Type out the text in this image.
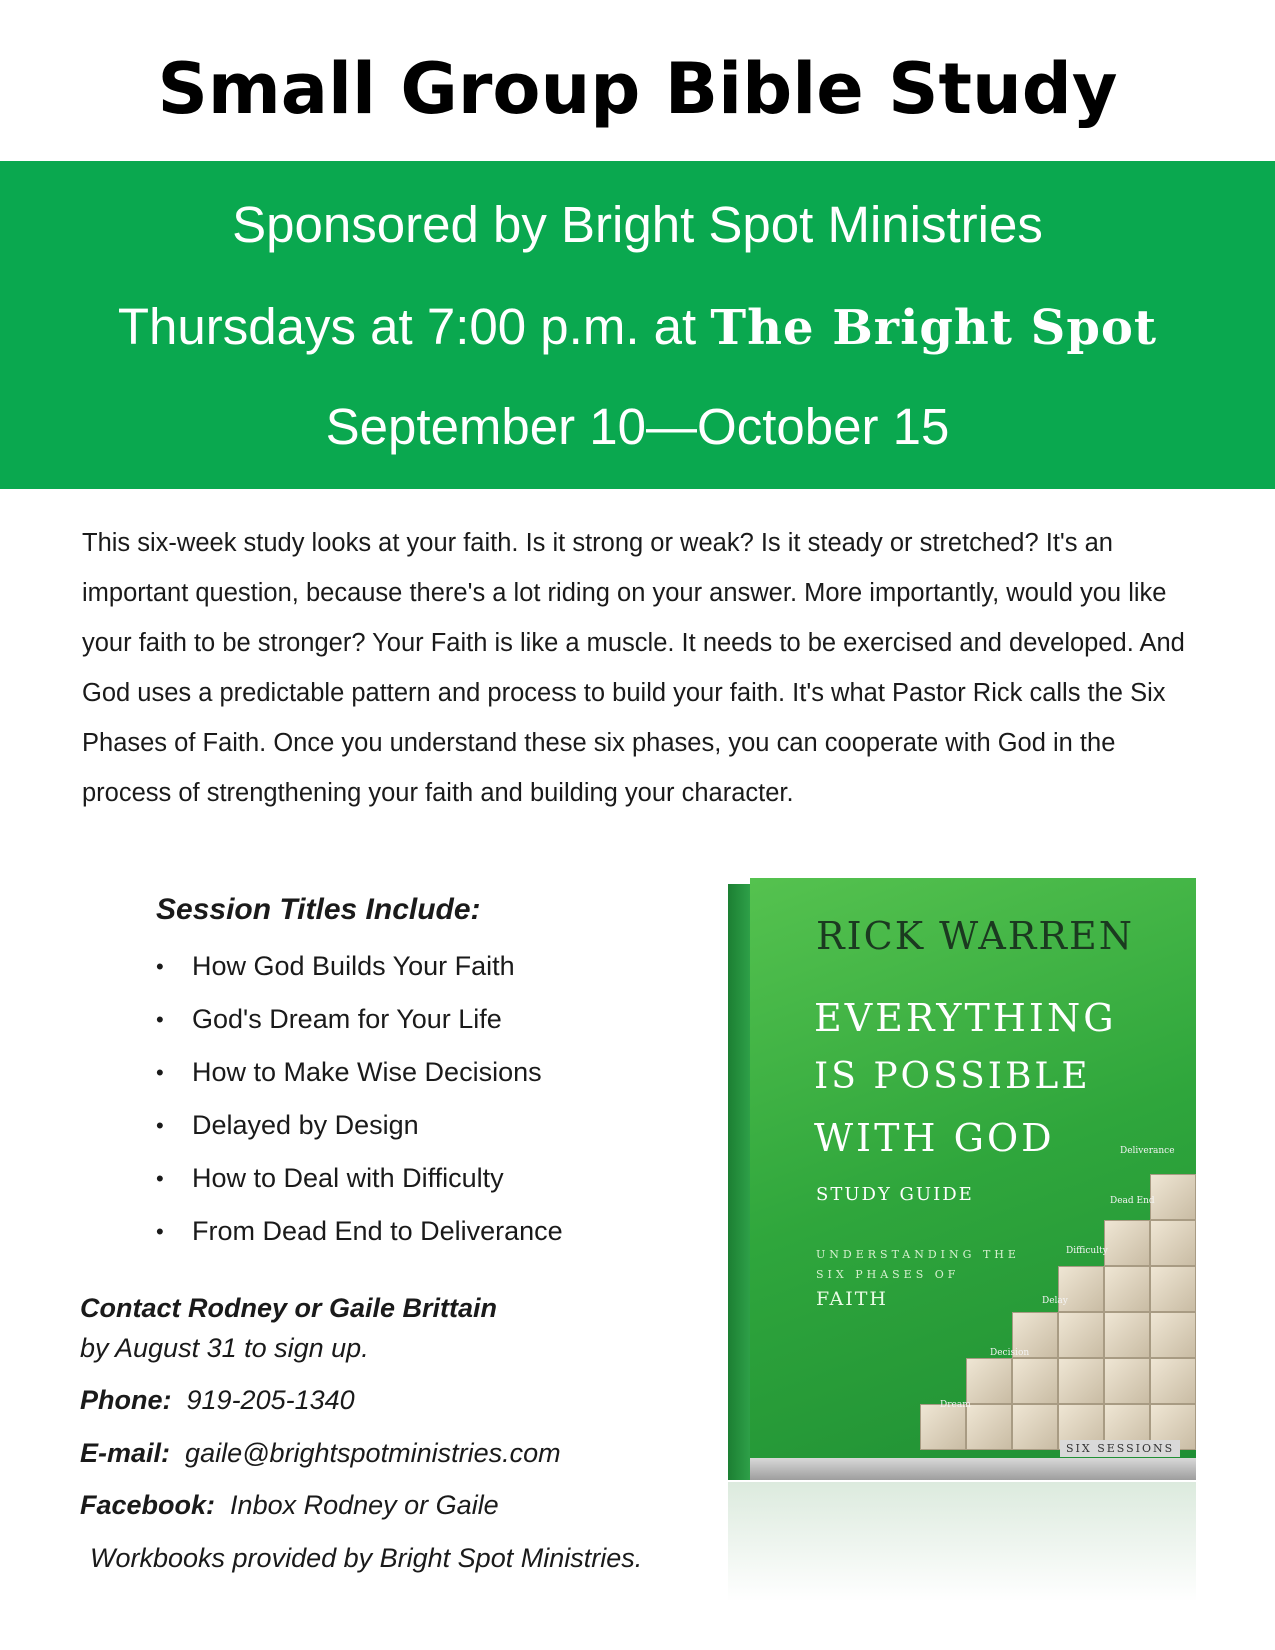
Small Group Bible Study
Sponsored by Bright Spot Ministries
Thursdays at 7:00 p.m. at The Bright Spot
September 10—October 15
This six-week study looks at your faith. Is it strong or weak? Is it steady or stretched? It's an important question, because there's a lot riding on your answer. More importantly, would you like your faith to be stronger? Your Faith is like a muscle. It needs to be exercised and developed. And God uses a predictable pattern and process to build your faith. It's what Pastor Rick calls the Six Phases of Faith. Once you understand these six phases, you can cooperate with God in the process of strengthening your faith and building your character.
Session Titles Include:
• How God Builds Your Faith
• God's Dream for Your Life
• How to Make Wise Decisions
• Delayed by Design
• How to Deal with Difficulty
• From Dead End to Deliverance
Contact Rodney or Gaile Brittain
by August 31 to sign up.
Phone: 919-205-1340
E-mail: gaile@brightspotministries.com
Facebook: Inbox Rodney or Gaile
Workbooks provided by Bright Spot Ministries.
RICK WARREN
EVERYTHING
IS POSSIBLE
WITH GOD
STUDY GUIDE
UNDERSTANDING THE
SIX PHASES OF
FAITH
Dream
Decision
Delay
Difficulty
Dead End
Deliverance
SIX SESSIONS
